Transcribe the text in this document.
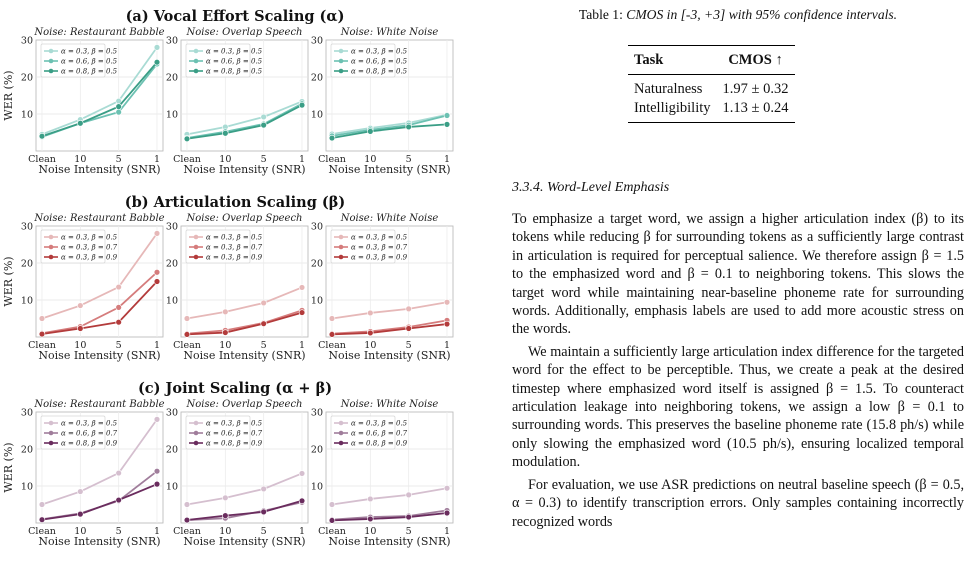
(a) Vocal Effort Scaling (α)
Noise: Restaurant Babble
10
20
30
Clean 10	5	1
Noise Intensity (SNR)
WER (%)
α = 0.3, β = 0.5
α = 0.6, β = 0.5
α = 0.8, β = 0.5
Noise: Overlap Speech
10
20
30
Clean 10	5	1
Noise Intensity (SNR)
α = 0.3, β = 0.5
α = 0.6, β = 0.5
α = 0.8, β = 0.5
Noise: White Noise
10
20
30
Clean 10	5	1
Noise Intensity (SNR)
α = 0.3, β = 0.5
α = 0.6, β = 0.5
α = 0.8, β = 0.5
(b) Articulation Scaling (β)
Noise: Restaurant Babble
10
20
30
Clean 10	5	1
Noise Intensity (SNR)
WER (%)
α = 0.3, β = 0.5
α = 0.3, β = 0.7
α = 0.3, β = 0.9
Noise: Overlap Speech
10
20
30
Clean 10	5	1
Noise Intensity (SNR)
α = 0.3, β = 0.5
α = 0.3, β = 0.7
α = 0.3, β = 0.9
Noise: White Noise
10
20
30
Clean 10	5	1
Noise Intensity (SNR)
α = 0.3, β = 0.5
α = 0.3, β = 0.7
α = 0.3, β = 0.9
(c) Joint Scaling (α + β)
Noise: Restaurant Babble
10
20
30
Clean 10	5	1
Noise Intensity (SNR)
WER (%)
α = 0.3, β = 0.5
α = 0.6, β = 0.7
α = 0.8, β = 0.9
Noise: Overlap Speech
10
20
30
Clean 10	5	1
Noise Intensity (SNR)
α = 0.3, β = 0.5
α = 0.6, β = 0.7
α = 0.8, β = 0.9
Noise: White Noise
10
20
30
Clean 10	5	1
Noise Intensity (SNR)
α = 0.3, β = 0.5
α = 0.6, β = 0.7
α = 0.8, β = 0.9
Table 1: CMOS in [-3, +3] with 95% confidence intervals.
Task	CMOS ↑
Naturalness	1.97 ± 0.32
Intelligibility	1.13 ± 0.24
3.3.4. Word-Level Emphasis

To emphasize a target word, we assign a higher articulation index (β) to its tokens while reducing β for surrounding tokens as a sufficiently large contrast in articulation is required for perceptual salience. We therefore assign β = 1.5 to the emphasized word and β = 0.1 to neighboring tokens. This slows the target word while maintaining near-baseline phoneme rate for surrounding words. Additionally, emphasis labels are used to add more acoustic stress on the words.

We maintain a sufficiently large articulation index difference for the targeted word for the effect to be perceptible. Thus, we create a peak at the desired timestep where emphasized word itself is assigned β = 1.5. To counteract articulation leakage into neighboring tokens, we assign a low β = 0.1 to surrounding words. This preserves the baseline phoneme rate (15.8 ph/s) while only slowing the emphasized word (10.5 ph/s), ensuring localized temporal modulation.

For evaluation, we use ASR predictions on neutral baseline speech (β = 0.5, α = 0.3) to identify transcription errors. Only samples containing incorrectly recognized words
